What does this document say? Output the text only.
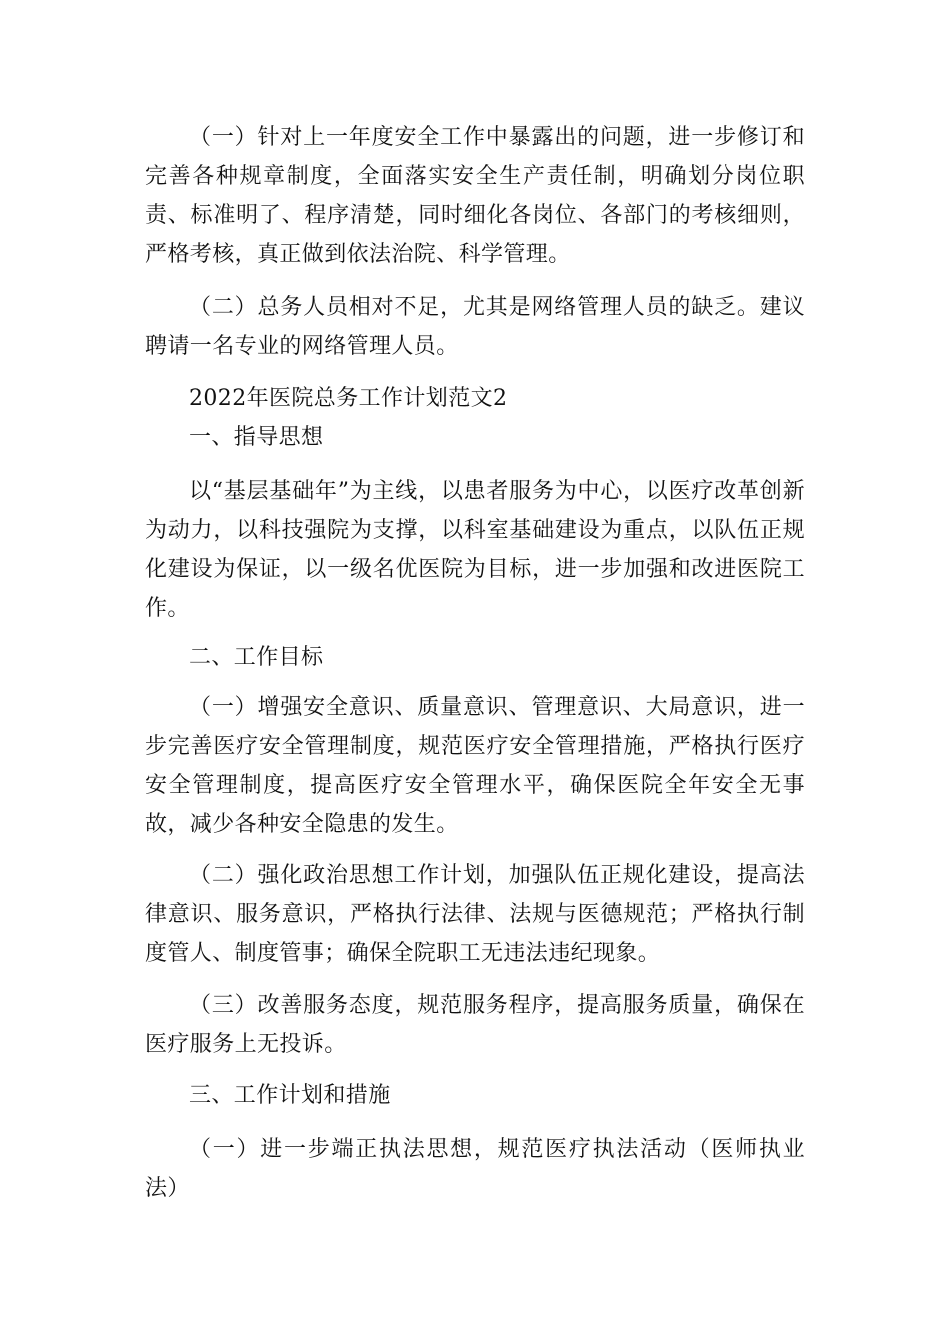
（一）针对上一年度安全工作中暴露出的问题，进一步修订和完善各种规章制度，全面落实安全生产责任制，明确划分岗位职责、标准明了、程序清楚，同时细化各岗位、各部门的考核细则，严格考核，真正做到依法治院、科学管理。

（二）总务人员相对不足，尤其是网络管理人员的缺乏。建议聘请一名专业的网络管理人员。

2022年医院总务工作计划范文2

一、指导思想

以“基层基础年”为主线，以患者服务为中心，以医疗改革创新为动力，以科技强院为支撑，以科室基础建设为重点，以队伍正规化建设为保证，以一级名优医院为目标，进一步加强和改进医院工作。

二、工作目标

（一）增强安全意识、质量意识、管理意识、大局意识，进一步完善医疗安全管理制度，规范医疗安全管理措施，严格执行医疗安全管理制度，提高医疗安全管理水平，确保医院全年安全无事故，减少各种安全隐患的发生。

（二）强化政治思想工作计划，加强队伍正规化建设，提高法律意识、服务意识，严格执行法律、法规与医德规范；严格执行制度管人、制度管事；确保全院职工无违法违纪现象。

（三）改善服务态度，规范服务程序，提高服务质量，确保在医疗服务上无投诉。

三、工作计划和措施

（一）进一步端正执法思想，规范医疗执法活动（医师执业法）
